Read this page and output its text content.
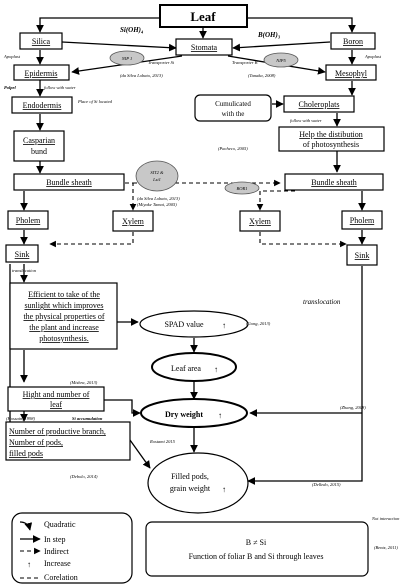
Leaf
Silica
Si(OH)₄
Stomata
B(OH)₃
Boron
Apoplast	Apoplast
NIP 1	NIP5
Transporter Si	Transporter B
(da Silva Lobato, 2013)	(Tanaka, 2008)
Epidermis	Mesophyl
Polpel	follow with water
Endodermis	Place of Si located	Cumulicated
with the
Choleroplats
follow with water
Casparian
bund
Help the distibution
of photosynthesis
(Pacheco, 2005)
Bundle sheath
SIT2 &
Lsi1
(da Silva Lobato, 2013)
(Miyake Tamai, 2005)
Bundle sheath
BOR1
Pholem	Xylem	Xylem	Pholem
Sink	Sink
translocation
translocation
Efficient to take of the
sunlight which improves
the physical properties of
the plant and increase
photosynthesis.
SPAD value ↑	(Gong, 2013)
Leaf area ↑
(Mishra, 2013)
Hight and number of
leaf
Dry weight ↑
(Zhang, 2008)
(Hossain, 1998)	Si accumulation
Number of productive branch,
Number of pods,
filled pods
Rostami 2015
Filled pods,
grain weight ↑
(Debolo, 2014)
(Delledo, 2015)
Quadratic
In step
Indirect
↑ Increase
Corelation
B ≠ Si
Function of foliar B and Si through leaves
Not interaction
(Bentz, 2011)
